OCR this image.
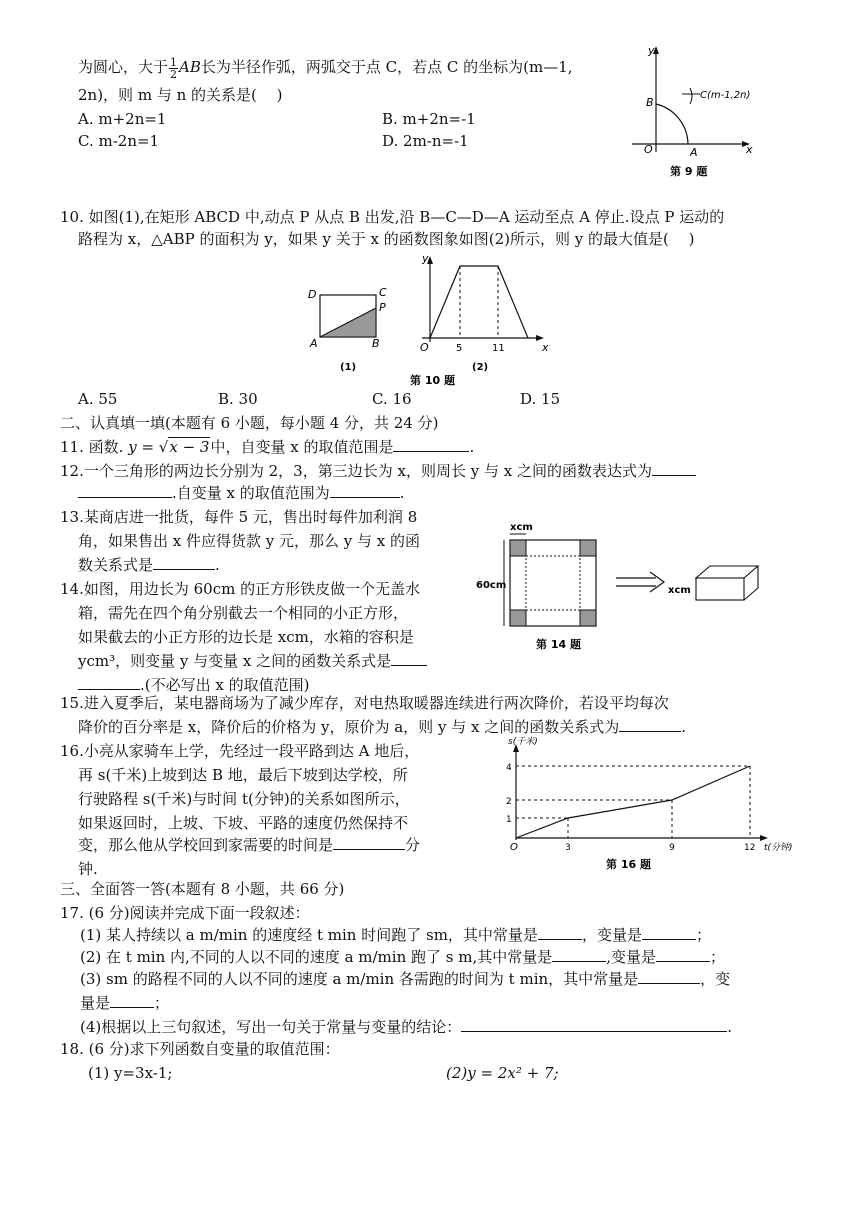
为圆心，大于 $\frac{1}{2}$ AB长为半径作弧，两弧交于点 C，若点 C 的坐标为(m—1,
2n)，则 m 与 n 的关系是(　 )
A. m+2n=1	B. m+2n=-1
C. m-2n=1	D. 2m-n=-1
y
B
C(m-1,2n)
O	A	x
第 9 题
10. 如图(1),在矩形 ABCD 中,动点 P 从点 B 出发,沿 B—C—D—A 运动至点 A 停止.设点 P 运动的
路程为 x，△ABP 的面积为 y，如果 y 关于 x 的函数图象如图(2)所示，则 y 的最大值是(　 )
D	C
P
A	B
(1)
y
O	5	11	x
(2)
第 10 题
A. 55	B. 30	C. 16	D. 15
二、认真填一填(本题有 6 小题，每小题 4 分，共 24 分)
11. 函数. y = √x − 3中，自变量 x 的取值范围是	.
12.一个三角形的两边长分别为 2，3，第三边长为 x，则周长 y 与 x 之间的函数表达式为
.自变量 x 的取值范围为	.
13.某商店进一批货，每件 5 元，售出时每件加利润 8
角，如果售出 x 件应得货款 y 元，那么 y 与 x 的函
数关系式是	.
14.如图，用边长为 60cm 的正方形铁皮做一个无盖水
箱，需先在四个角分别截去一个相同的小正方形，
如果截去的小正方形的边长是 xcm，水箱的容积是
ycm³，则变量 y 与变量 x 之间的函数关系式是
.(不必写出 x 的取值范围)
xcm
60cm	xcm
第 14 题
15.进入夏季后，某电器商场为了减少库存，对电热取暖器连续进行两次降价，若设平均每次
降价的百分率是 x，降价后的价格为 y，原价为 a，则 y 与 x 之间的函数关系式为	.
16.小亮从家骑车上学，先经过一段平路到达 A 地后，
再 s(千米)上坡到达 B 地，最后下坡到达学校，所
行驶路程 s(千米)与时间 t(分钟)的关系如图所示，
如果返回时，上坡、下坡、平路的速度仍然保持不
变，那么他从学校回到家需要的时间是	分
钟.
s(千米)
4
2
1
O	3	9	12 t(分钟)
第 16 题
三、全面答一答(本题有 8 小题，共 66 分)
17. (6 分)阅读并完成下面一段叙述：
(1) 某人持续以 a m/min 的速度经 t min 时间跑了 sm，其中常量是	，变量是	；
(2) 在 t min 内,不同的人以不同的速度 a m/min 跑了 s m,其中常量是	,变量是	；
(3) sm 的路程不同的人以不同的速度 a m/min 各需跑的时间为 t min，其中常量是	，变
量是	；
(4)根据以上三句叙述，写出一句关于常量与变量的结论：	.
18. (6 分)求下列函数自变量的取值范围：
(1) y=3x-1;	(2)y = 2x² + 7;
